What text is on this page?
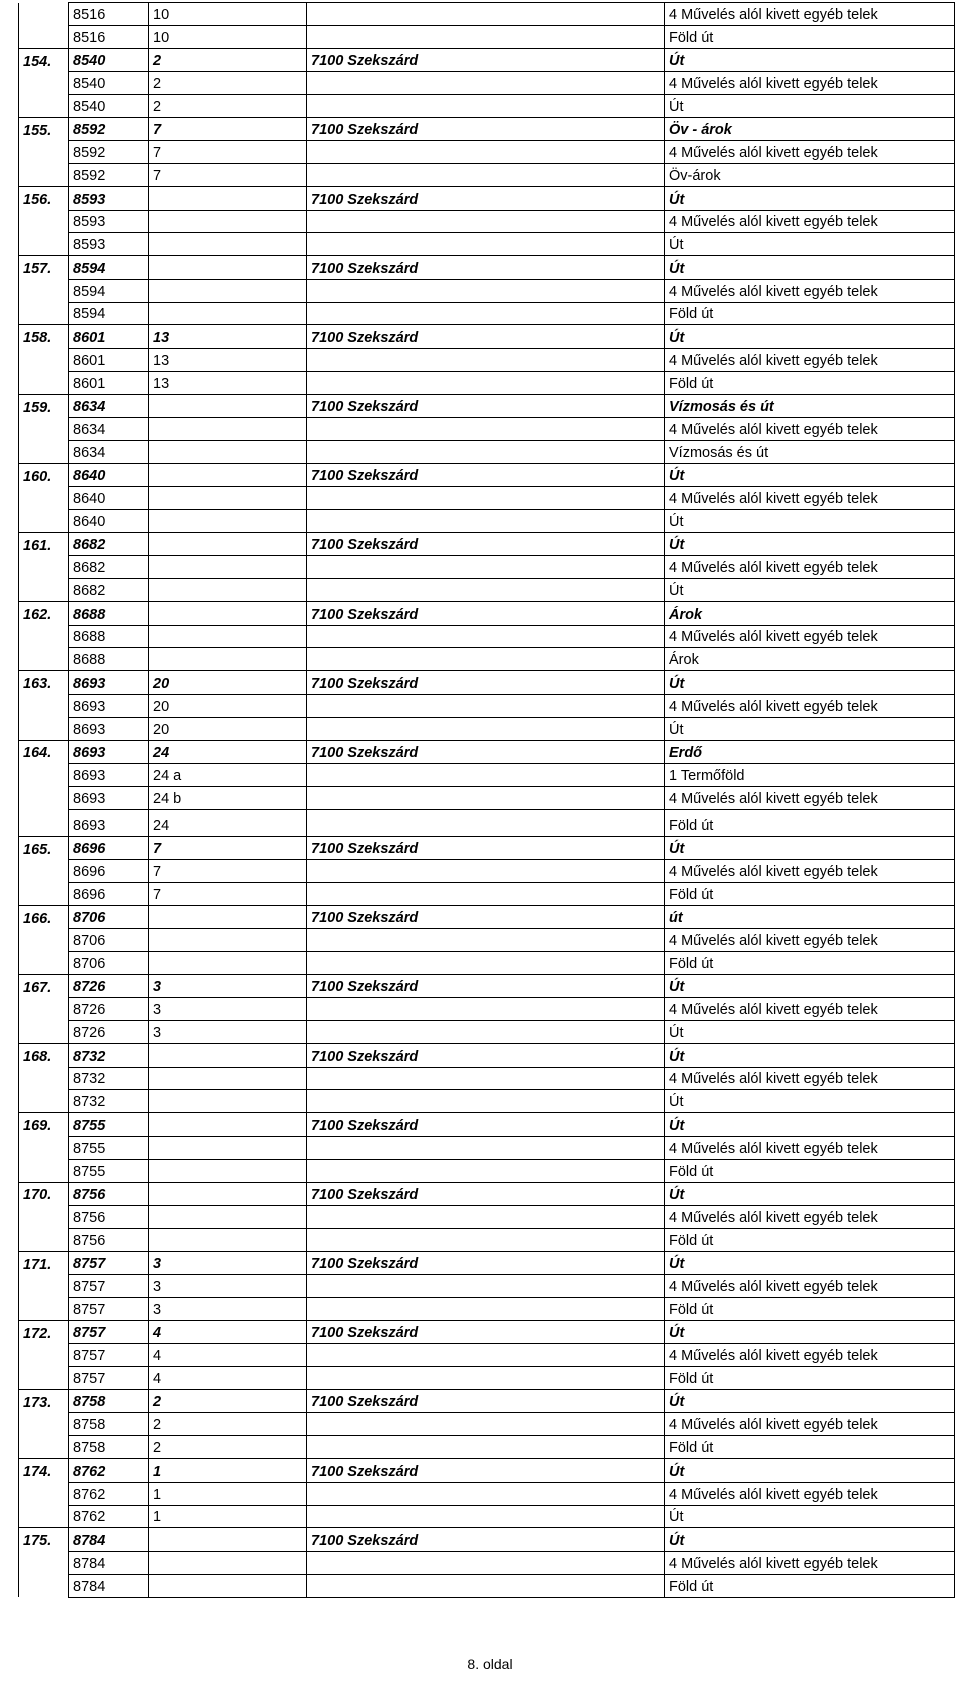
	8516	10		4 Művelés alól kivett egyéb telek
	8516	10		Föld út
154.	8540	2	7100 Szekszárd	Út
	8540	2		4 Művelés alól kivett egyéb telek
	8540	2		Út
155.	8592	7	7100 Szekszárd	Öv - árok
	8592	7		4 Művelés alól kivett egyéb telek
	8592	7		Öv-árok
156.	8593		7100 Szekszárd	Út
	8593			4 Művelés alól kivett egyéb telek
	8593			Út
157.	8594		7100 Szekszárd	Út
	8594			4 Művelés alól kivett egyéb telek
	8594			Föld út
158.	8601	13	7100 Szekszárd	Út
	8601	13		4 Művelés alól kivett egyéb telek
	8601	13		Föld út
159.	8634		7100 Szekszárd	Vízmosás és út
	8634			4 Művelés alól kivett egyéb telek
	8634			Vízmosás és út
160.	8640		7100 Szekszárd	Út
	8640			4 Művelés alól kivett egyéb telek
	8640			Út
161.	8682		7100 Szekszárd	Út
	8682			4 Művelés alól kivett egyéb telek
	8682			Út
162.	8688		7100 Szekszárd	Árok
	8688			4 Művelés alól kivett egyéb telek
	8688			Árok
163.	8693	20	7100 Szekszárd	Út
	8693	20		4 Művelés alól kivett egyéb telek
	8693	20		Út
164.	8693	24	7100 Szekszárd	Erdő
	8693	24 a		1 Termőföld
	8693	24 b		4 Művelés alól kivett egyéb telek
	8693	24		Föld út
165.	8696	7	7100 Szekszárd	Út
	8696	7		4 Művelés alól kivett egyéb telek
	8696	7		Föld út
166.	8706		7100 Szekszárd	út
	8706			4 Művelés alól kivett egyéb telek
	8706			Föld út
167.	8726	3	7100 Szekszárd	Út
	8726	3		4 Művelés alól kivett egyéb telek
	8726	3		Út
168.	8732		7100 Szekszárd	Út
	8732			4 Művelés alól kivett egyéb telek
	8732			Út
169.	8755		7100 Szekszárd	Út
	8755			4 Művelés alól kivett egyéb telek
	8755			Föld út
170.	8756		7100 Szekszárd	Út
	8756			4 Művelés alól kivett egyéb telek
	8756			Föld út
171.	8757	3	7100 Szekszárd	Út
	8757	3		4 Művelés alól kivett egyéb telek
	8757	3		Föld út
172.	8757	4	7100 Szekszárd	Út
	8757	4		4 Művelés alól kivett egyéb telek
	8757	4		Föld út
173.	8758	2	7100 Szekszárd	Út
	8758	2		4 Művelés alól kivett egyéb telek
	8758	2		Föld út
174.	8762	1	7100 Szekszárd	Út
	8762	1		4 Művelés alól kivett egyéb telek
	8762	1		Út
175.	8784		7100 Szekszárd	Út
	8784			4 Művelés alól kivett egyéb telek
	8784			Föld út
8. oldal
